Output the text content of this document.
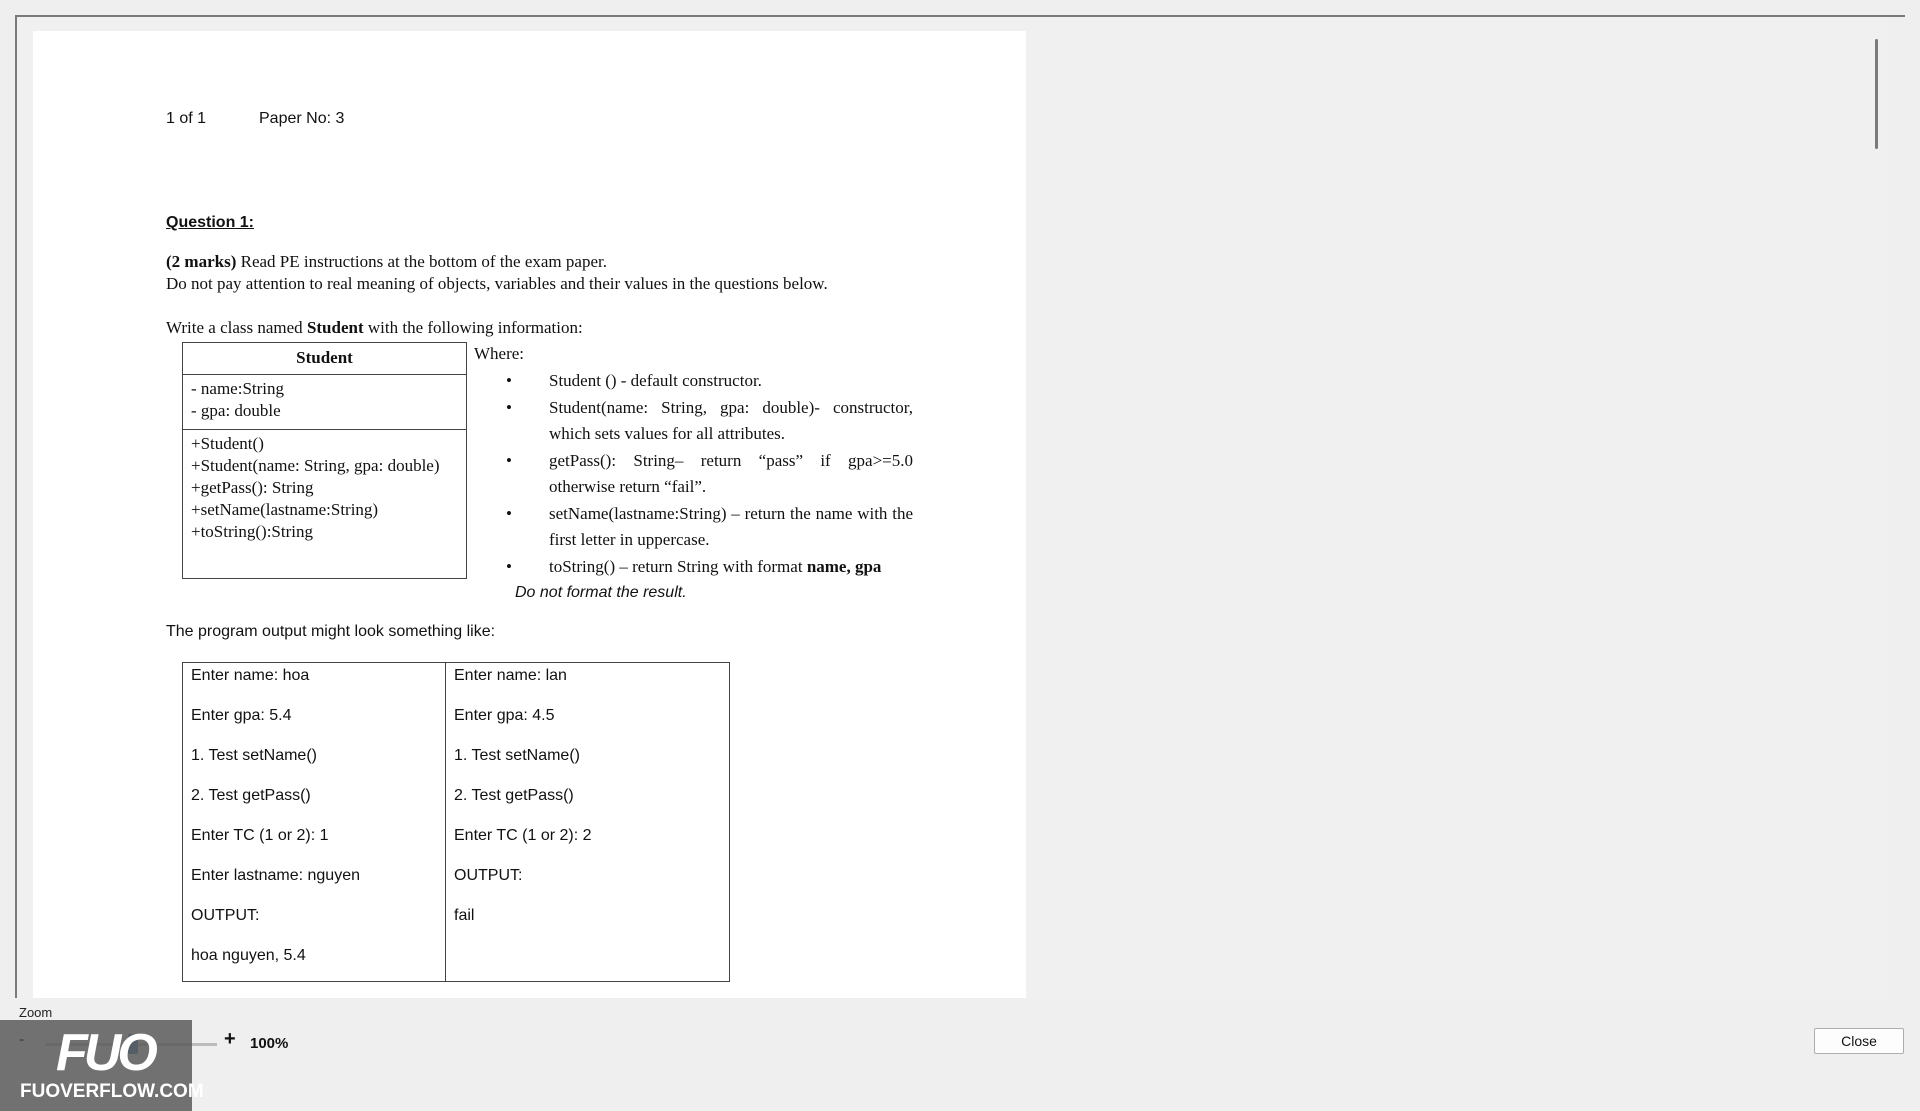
1 of 1	Paper No: 3
Question 1:
(2 marks) Read PE instructions at the bottom of the exam paper.
Do not pay attention to real meaning of objects, variables and their values in the questions below.
Write a class named Student with the following information:
Student
- name:String
- gpa: double
+Student()
+Student(name: String, gpa: double)
+getPass(): String
+setName(lastname:String)
+toString():String
Where:
• Student () - default constructor.
• Student(name: String, gpa: double)- constructor, which sets values for all attributes.
• getPass(): String– return “pass” if gpa>=5.0 otherwise return “fail”.
• setName(lastname:String) – return the name with the first letter in uppercase.
• toString() – return String with format name, gpa
Do not format the result.
The program output might look something like:
Enter name: hoa
Enter gpa: 5.4
1. Test setName()
2. Test getPass()
Enter TC (1 or 2): 1
Enter lastname: nguyen
OUTPUT:
hoa nguyen, 5.4
Enter name: lan
Enter gpa: 4.5
1. Test setName()
2. Test getPass()
Enter TC (1 or 2): 2
OUTPUT:
fail
Zoom
+ 100%	Close
FUO
FUOVERFLOW.COM
